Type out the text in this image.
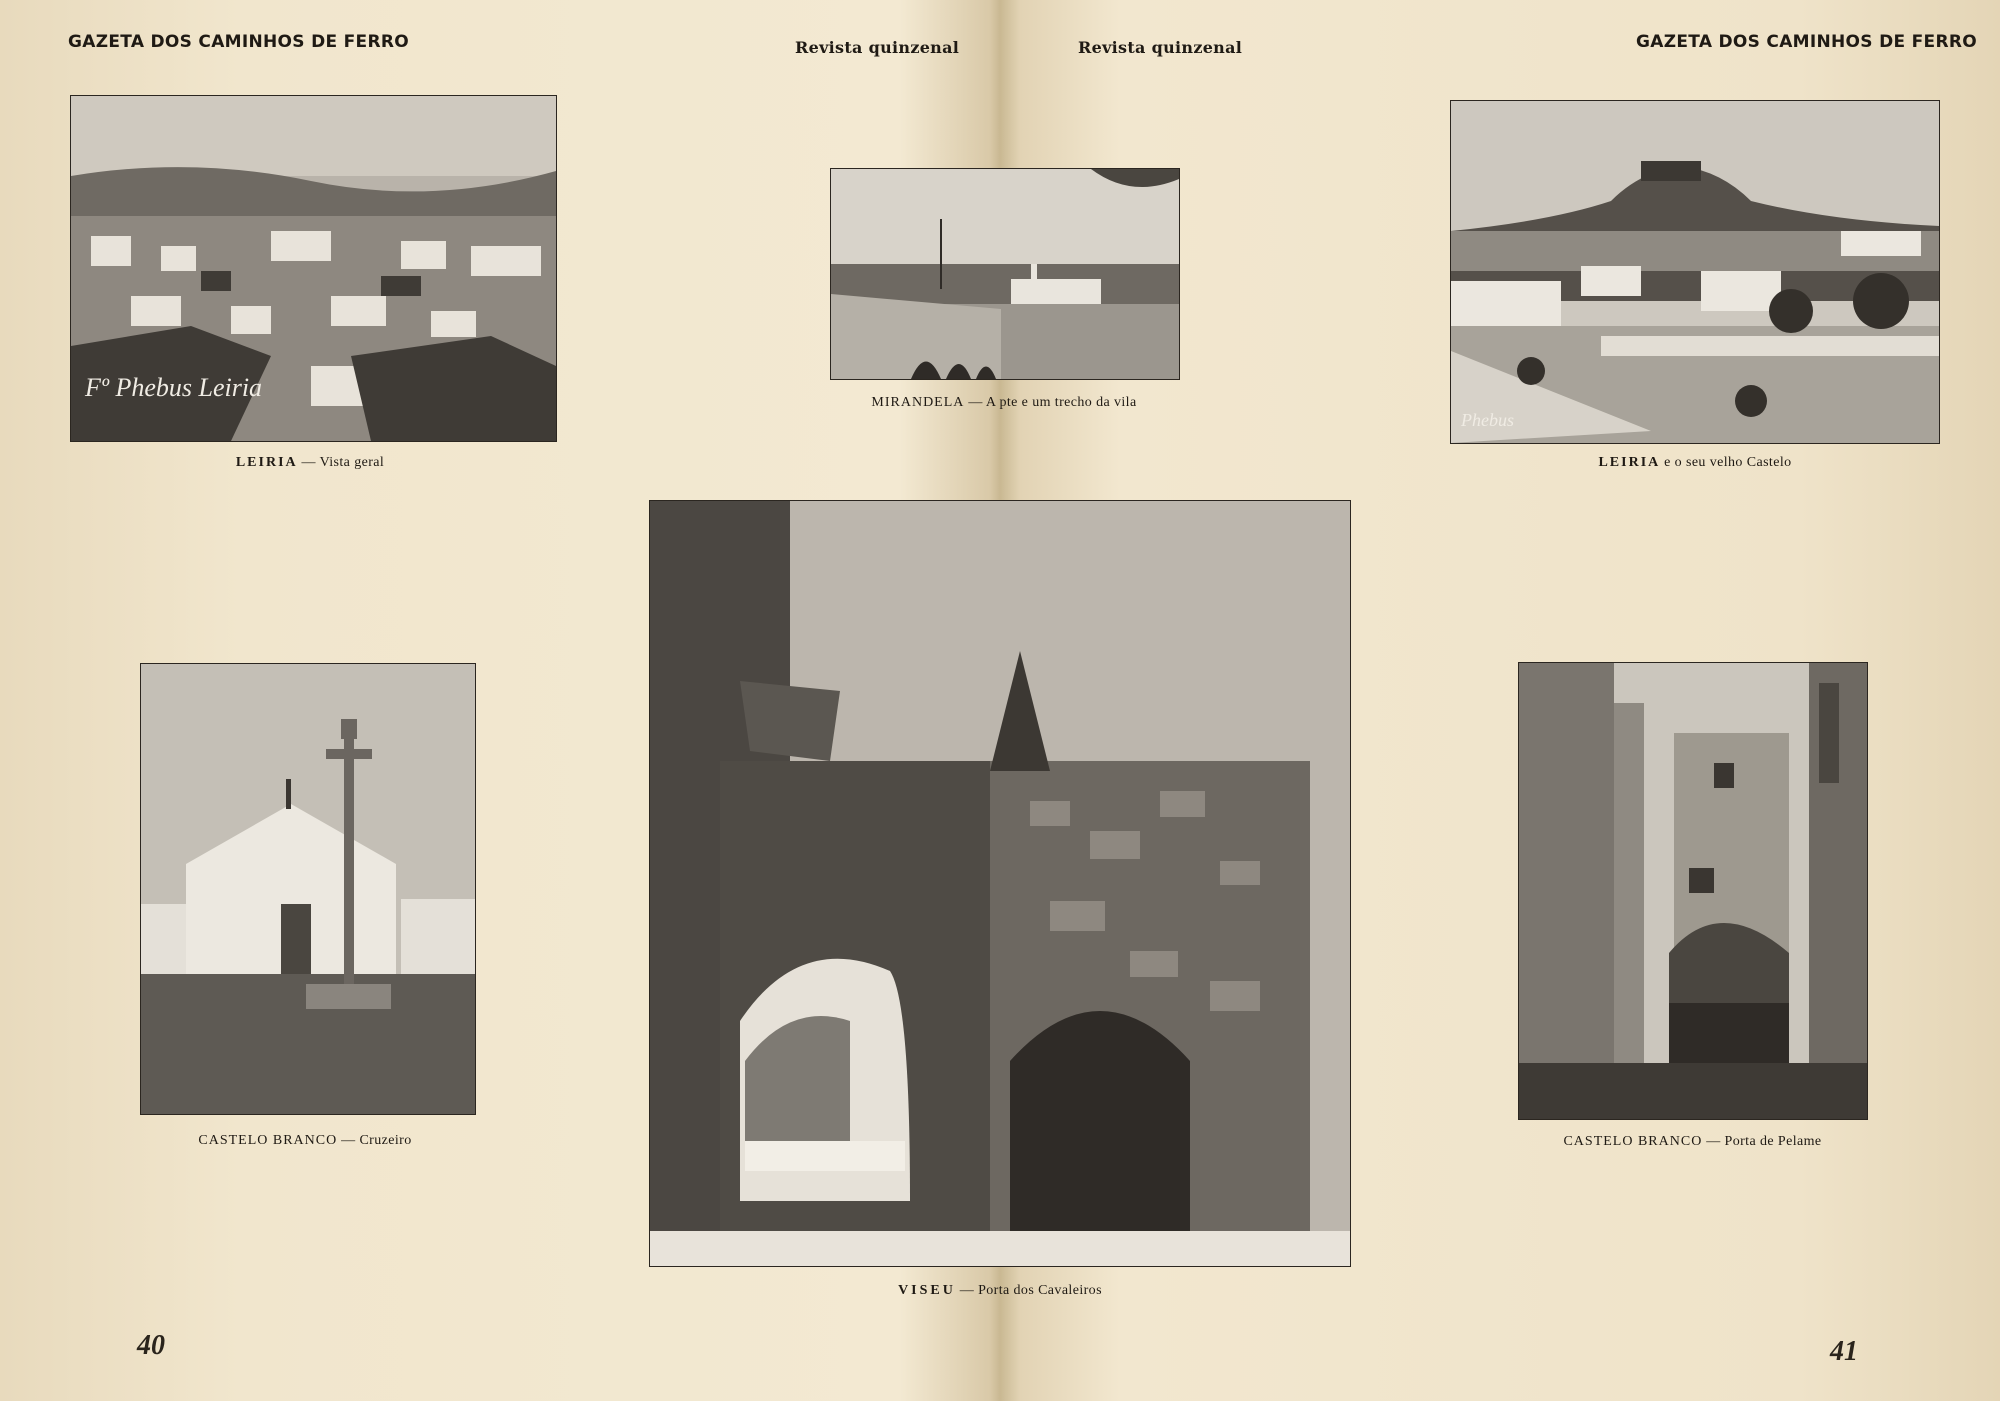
GAZETA DOS CAMINHOS DE FERRO	Revista quinzenal	Revista quinzenal	GAZETA DOS CAMINHOS DE FERRO
Fº Phebus Leiria
LEIRIA — Vista geral
MIRANDELA — A pte e um trecho da vila
Phebus
LEIRIA e o seu velho Castelo
CASTELO BRANCO — Cruzeiro
VISEU — Porta dos Cavaleiros
CASTELO BRANCO — Porta de Pelame
40	41
